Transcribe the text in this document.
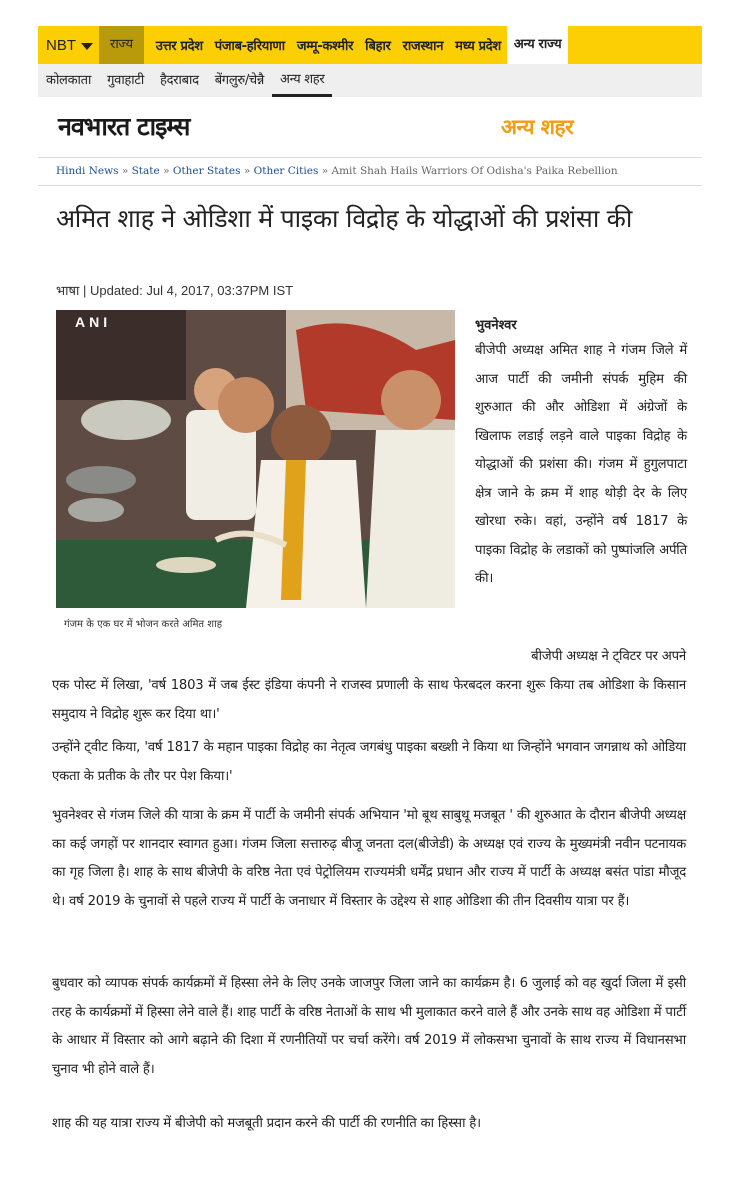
NBT	राज्य	उत्तर प्रदेश पंजाब-हरियाणा जम्मू-कश्मीर बिहार राजस्थान मध्य प्रदेश	अन्य राज्य
कोलकाता	गुवाहाटी	हैदराबाद	बेंगलुरु/चेन्नै	अन्य शहर
नवभारत टाइम्स	अन्य शहर
Hindi News » State » Other States » Other Cities » Amit Shah Hails Warriors Of Odisha's Paika Rebellion
अमित शाह ने ओडिशा में पाइका विद्रोह के योद्धाओं की प्रशंसा की
भाषा | Updated: Jul 4, 2017, 03:37PM IST
ANI
गंजम के एक घर में भोजन करते अमित शाह
भुवनेश्वर
बीजेपी अध्यक्ष अमित शाह ने गंजम जिले में आज पार्टी की जमीनी संपर्क मुहिम की शुरुआत की और ओडिशा में अंग्रेजों के खिलाफ लडाई लड़ने वाले पाइका विद्रोह के योद्धाओं की प्रशंसा की। गंजम में हुगुलपाटा क्षेत्र जाने के क्रम में शाह थोड़ी देर के लिए खोरधा रुके। वहां, उन्होंने वर्ष 1817 के पाइका विद्रोह के लडाकों को पुष्पांजलि अर्पति की।
बीजेपी अध्यक्ष ने ट्विटर पर अपने
एक पोस्ट में लिखा, 'वर्ष 1803 में जब ईस्ट इंडिया कंपनी ने राजस्व प्रणाली के साथ फेरबदल करना शुरू किया तब ओडिशा के किसान समुदाय ने विद्रोह शुरू कर दिया था।'
उन्होंने ट्वीट किया, 'वर्ष 1817 के महान पाइका विद्रोह का नेतृत्व जगबंधु पाइका बख्शी ने किया था जिन्होंने भगवान जगन्नाथ को ओडिया एकता के प्रतीक के तौर पर पेश किया।'
भुवनेश्वर से गंजम जिले की यात्रा के क्रम में पार्टी के जमीनी संपर्क अभियान 'मो बूथ साबुथू मजबूत ' की शुरुआत के दौरान बीजेपी अध्यक्ष का कई जगहों पर शानदार स्वागत हुआ। गंजम जिला सत्तारुढ़ बीजू जनता दल(बीजेडी) के अध्यक्ष एवं राज्य के मुख्यमंत्री नवीन पटनायक का गृह जिला है। शाह के साथ बीजेपी के वरिष्ठ नेता एवं पेट्रोलियम राज्यमंत्री धर्मेंद्र प्रधान और राज्य में पार्टी के अध्यक्ष बसंत पांडा मौजूद थे। वर्ष 2019 के चुनावों से पहले राज्य में पार्टी के जनाधार में विस्तार के उद्देश्य से शाह ओडिशा की तीन दिवसीय यात्रा पर हैं।
बुधवार को व्यापक संपर्क कार्यक्रमों में हिस्सा लेने के लिए उनके जाजपुर जिला जाने का कार्यक्रम है। 6 जुलाई को वह खुर्दा जिला में इसी तरह के कार्यक्रमों में हिस्सा लेने वाले हैं। शाह पार्टी के वरिष्ठ नेताओं के साथ भी मुलाकात करने वाले हैं और उनके साथ वह ओडिशा में पार्टी के आधार में विस्तार को आगे बढ़ाने की दिशा में रणनीतियों पर चर्चा करेंगे। वर्ष 2019 में लोकसभा चुनावों के साथ राज्य में विधानसभा चुनाव भी होने वाले हैं।
शाह की यह यात्रा राज्य में बीजेपी को मजबूती प्रदान करने की पार्टी की रणनीति का हिस्सा है।
